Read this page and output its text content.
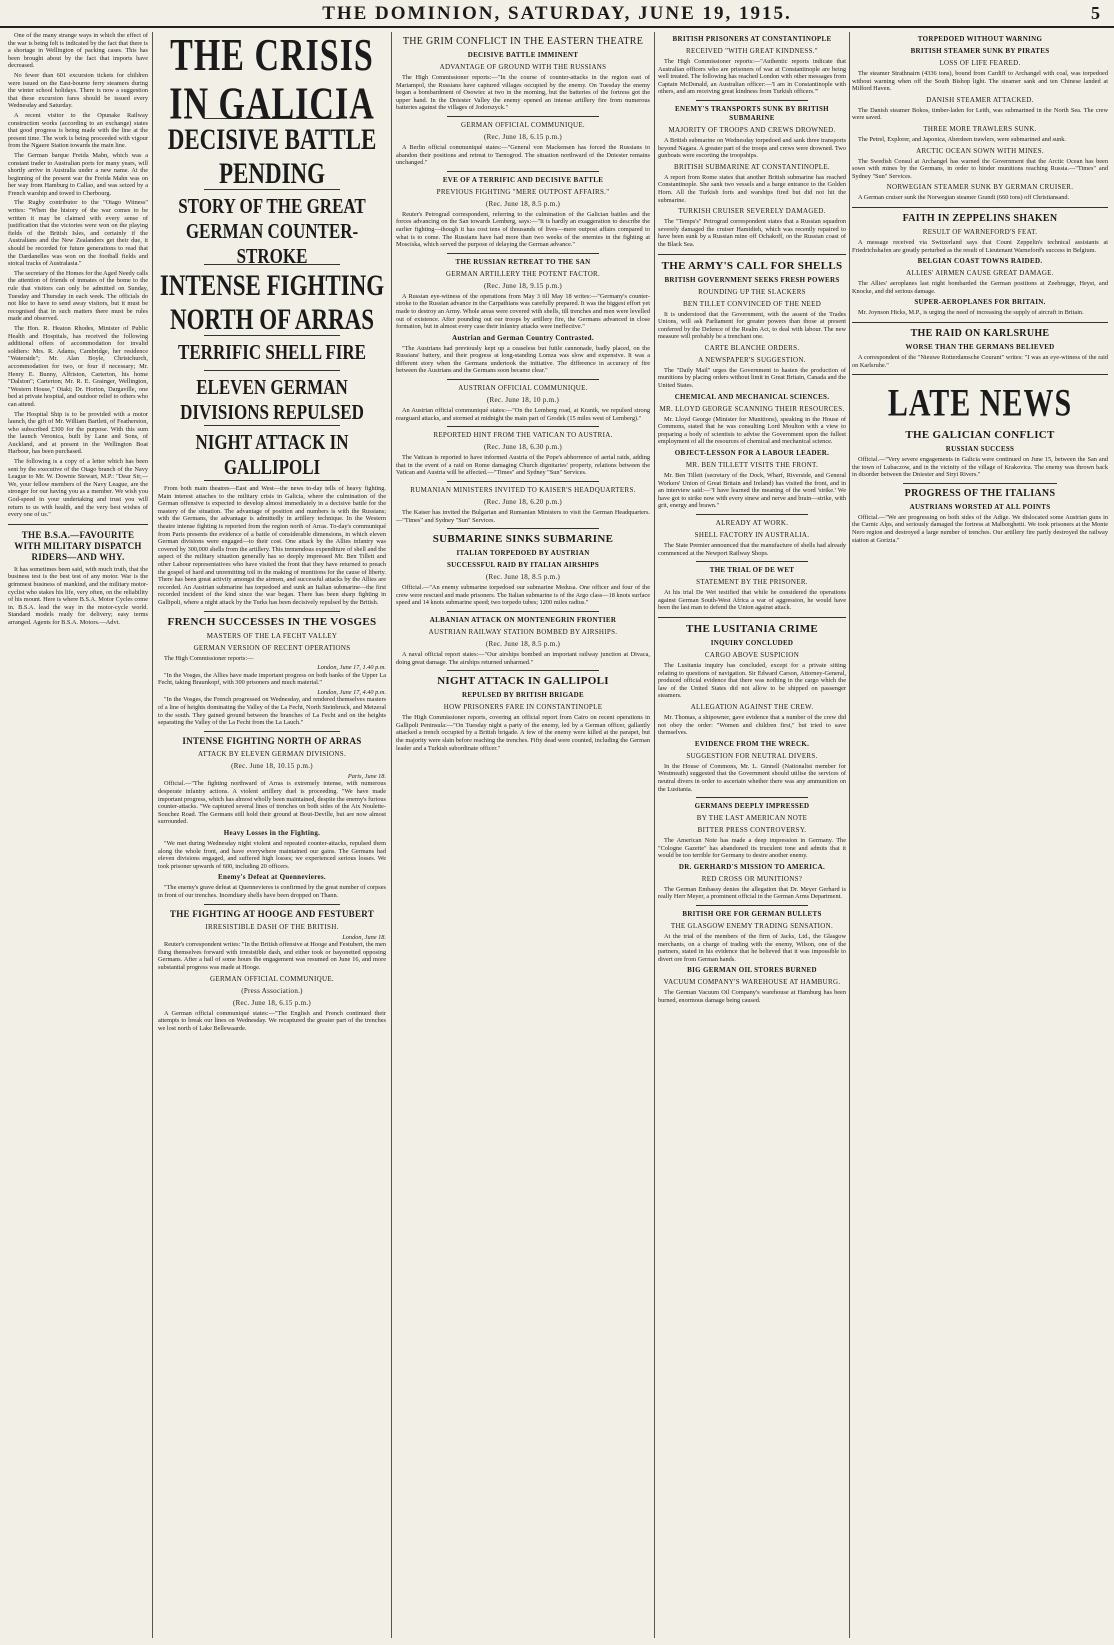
THE DOMINION, SATURDAY, JUNE 19, 1915.	5

One of the many strange ways in which the effect of the war is being felt is indicated by the fact that there is a shortage in Wellington of packing cases. This has been brought about by the fact that imports have decreased.

No fewer than 601 excursion tickets for children were issued on the East-bourne ferry steamers during the winter school holidays. There is now a suggestion that these excursion fares should be issued every Wednesday and Saturday.

A recent visitor to the Opunake Railway construction works (according to an exchange) states that good progress is being made with the line at the present time. The work is being proceeded with vigour from the Ngaere Station towards the main line.

The German barque Freida Mahn, which was a constant trader to Australian ports for many years, will shortly arrive in Australia under a new name. At the beginning of the present war the Freida Mahn was on her way from Hamburg to Callao, and was seized by a French warship and towed to Cherbourg.

The Rugby contributor to the "Otago Witness" writes: "When the history of the war comes to be written it may be claimed with every sense of justification that the victories were won on the playing fields of the British Isles, and certainly if the Australians and the New Zealanders get their due, it should be recorded for future generations to read that the Dardanelles was won on the football fields and stoical tracks of Australasia."

The secretary of the Homes for the Aged Needy calls the attention of friends of inmates of the home to the rule that visitors can only be admitted on Sunday, Tuesday and Thursday in each week. The officials do not like to have to send away visitors, but it must be recognised that in such matters there must be rules made and observed.

The Hon. R. Heaton Rhodes, Minister of Public Health and Hospitals, has received the following additional offers of accommodation for invalid soldiers: Mrs. R. Adams, Cambridge, her residence "Waterside"; Mr. Alan Boyle, Christchurch, accommodation for two, or four if necessary; Mr. Henry E. Bunny, Alfriston, Carterton, his home "Dalston"; Carterton; Mr. R. E. Grainger, Wellington, "Western House," Otaki; Dr. Horton, Dargaville, one bed at private hospital, and outdoor relief to others who can attend.

The Hospital Ship is to be provided with a motor launch, the gift of Mr. William Bartlett, of Featherston, who subscribed £300 for the purpose. With this sum the launch Veronica, built by Lane and Sons, of Auckland, and at present in the Wellington Boat Harbour, has been purchased.

The following is a copy of a letter which has been sent by the executive of the Otago branch of the Navy League to Mr. W. Downie Stewart, M.P.: "Dear Sir,—We, your fellow members of the Navy League, are the stronger for our having you as a member. We wish you God-speed in your undertaking and trust you will return to us with health, and the very best wishes of every one of us."

THE B.S.A.—FAVOURITE WITH MILITARY DISPATCH RIDERS—AND WHY.

It has sometimes been said, with much truth, that the business test is the best test of any motor. War is the grimmest business of mankind, and the military motor-cyclist who stakes his life, very often, on the reliability of his mount. Here is where B.S.A. Motor Cycles come in. B.S.A. lead the way in the motor-cycle world. Standard models ready for delivery; easy terms arranged. Agents for B.S.A. Motors.—Advt.

THE CRISIS IN GALICIA
DECISIVE BATTLE PENDING
STORY OF THE GREAT GERMAN COUNTER-STROKE
INTENSE FIGHTING NORTH OF ARRAS
TERRIFIC SHELL FIRE
ELEVEN GERMAN DIVISIONS REPULSED
NIGHT ATTACK IN GALLIPOLI

From both main theatres—East and West—the news to-day tells of heavy fighting. Main interest attaches to the military crisis in Galicia, where the culmination of the German offensive is expected to develop almost immediately in a decisive battle for the mastery of the situation. The advantage of position and numbers is with the Russians; with the Germans, the advantage is admittedly in artillery technique. In the Western theatre intense fighting is reported from the region north of Arras. To-day's communiqué from Paris presents the evidence of a battle of considerable dimensions, in which eleven German divisions were engaged—to their cost. One attack by the Allies infantry was covered by 300,000 shells from the artillery. This tremendous expenditure of shell and the aspect of the military situation generally has so deeply impressed Mr. Ben Tillett and other Labour representatives who have visited the front that they have returned to preach the gospel of hard and unremitting toil in the making of munitions for the cause of liberty. There has been great activity amongst the airmen, and successful attacks by the Allies are recorded. An Austrian submarine has torpedoed and sunk an Italian submarine—the first recorded incident of the kind since the war began. There has been sharp fighting in Gallipoli, where a night attack by the Turks has been decisively repulsed by the British.

FRENCH SUCCESSES IN THE VOSGES
MASTERS OF THE LA FECHT VALLEY
GERMAN VERSION OF RECENT OPERATIONS

The High Commissioner reports:—

London, June 17, 1.40 p.m.

"In the Vosges, the Allies have made important progress on both banks of the Upper La Fecht, taking Braunkopf, with 300 prisoners and much material."

London, June 17, 4.40 p.m.

"In the Vosges, the French progressed on Wednesday, and rendered themselves masters of a line of heights dominating the Valley of the La Fecht, North Steinbruck, and Metzeral to the south. They gained ground between the branches of La Fecht and on the heights separating the Valley of the La Fecht from the La Lauch."

INTENSE FIGHTING NORTH OF ARRAS
ATTACK BY ELEVEN GERMAN DIVISIONS.

(Rec. June 18, 10.15 p.m.)

Paris, June 18.

Official.—"The fighting northward of Arras is extremely intense, with numerous desperate infantry actions. A violent artillery duel is proceeding. "We have made important progress, which has almost wholly been maintained, despite the enemy's furious counter-attacks. "We captured several lines of trenches on both sides of the Aix Noulette-Souchez Road. The Germans still hold their ground at Bout-Deville, but are now almost surrounded.

Heavy Losses in the Fighting.

"We met during Wednesday night violent and repeated counter-attacks, repulsed them along the whole front, and have everywhere maintained our gains. The Germans had eleven divisions engaged, and suffered high losses; we experienced serious losses. We took prisoner upwards of 600, including 20 officers.

Enemy's Defeat at Quennevieres.

"The enemy's grave defeat at Quennevieres is confirmed by the great number of corpses in front of our trenches. Incendiary shells have been dropped on Thann.

THE FIGHTING AT HOOGE AND FESTUBERT
IRRESISTIBLE DASH OF THE BRITISH.

London, June 18.

Reuter's correspondent writes: "In the British offensive at Hooge and Festubert, the men flung themselves forward with irresistible dash, and either took or bayonetted opposing Germans. After a hail of some hours the engagement was resumed on June 16, and more substantial progress was made at Hooge.

GERMAN OFFICIAL COMMUNIQUE.
(Press Association.)

(Rec. June 18, 6.15 p.m.)

A German official communiqué states:—"The English and French continued their attempts to break our lines on Wednesday. We recaptured the greater part of the trenches we lost north of Lake Bellewaarde.

THE GRIM CONFLICT IN THE EASTERN THEATRE
DECISIVE BATTLE IMMINENT
ADVANTAGE OF GROUND WITH THE RUSSIANS

The High Commissioner reports:—"In the course of counter-attacks in the region east of Mariampol, the Russians have captured villages occupied by the enemy. On Tuesday the enemy began a bombardment of Osowiec at two in the morning, but the batteries of the fortress got the upper hand. In the Dniester Valley the enemy opened an intense artillery fire from numerous batteries against the villages of Jodorszyck."

GERMAN OFFICIAL COMMUNIQUE.

(Rec. June 18, 6.15 p.m.)

A Berlin official communiqué states:—"General von Mackensen has forced the Russians to abandon their positions and retreat to Tarnogrod. The situation northward of the Dniester remains unchanged."

EVE OF A TERRIFIC AND DECISIVE BATTLE
PREVIOUS FIGHTING "MERE OUTPOST AFFAIRS."

(Rec. June 18, 8.5 p.m.)

Reuter's Petrograd correspondent, referring to the culmination of the Galician battles and the forces advancing on the San towards Lemberg, says:—"It is hardly an exaggeration to describe the earlier fighting—though it has cost tens of thousands of lives—mere outpost affairs compared to what is to come. The Russians have had more than two weeks of the enemies in the fighting at Mosciska, which served the purpose of delaying the German advance."

THE RUSSIAN RETREAT TO THE SAN
GERMAN ARTILLERY THE POTENT FACTOR.

(Rec. June 18, 9.15 p.m.)

A Russian eye-witness of the operations from May 3 till May 18 writes:—"Germany's counter-stroke to the Russian advance in the Carpathians was carefully prepared. It was the biggest effort yet made to destroy an Army. Whole areas were covered with shells, till trenches and men were levelled out of existence. After pounding out our troops by artillery fire, the Germans advanced in close formation, but in almost every case their infantry attacks were ineffective."

Austrian and German Country Contrasted.

"The Austrians had previously kept up a ceaseless but futile cannonade, badly placed, on the Russians' battery, and their progress at long-standing Lomza was slow and expensive. It was a different story when the Germans undertook the initiative. The difference in accuracy of fire between the Austrians and the Germans soon became clear."

AUSTRIAN OFFICIAL COMMUNIQUE.

(Rec. June 18, 10 p.m.)

An Austrian official communiqué states:—"On the Lemberg road, at Kranik, we repulsed strong rearguard attacks, and stormed at midnight the main part of Grodek (15 miles west of Lemberg)."

REPORTED HINT FROM THE VATICAN TO AUSTRIA.

(Rec. June 18, 6.30 p.m.)

The Vatican is reported to have informed Austria of the Pope's abhorrence of aerial raids, adding that in the event of a raid on Rome damaging Church dignitaries' property, relations between the Vatican and Austria will be affected.—"Times" and Sydney "Sun" Services.

RUMANIAN MINISTERS INVITED TO KAISER'S HEADQUARTERS.

(Rec. June 18, 6.20 p.m.)

The Kaiser has invited the Bulgarian and Rumanian Ministers to visit the German Headquarters.—"Times" and Sydney "Sun" Services.

SUBMARINE SINKS SUBMARINE
ITALIAN TORPEDOED BY AUSTRIAN
SUCCESSFUL RAID BY ITALIAN AIRSHIPS

(Rec. June 18, 8.5 p.m.)

Official.—"An enemy submarine torpedoed our submarine Medusa. One officer and four of the crew were rescued and made prisoners. The Italian submarine is of the Argo class—18 knots surface speed and 14 knots submarine speed; two torpedo tubes; 1200 miles radius."

ALBANIAN ATTACK ON MONTENEGRIN FRONTIER
AUSTRIAN RAILWAY STATION BOMBED BY AIRSHIPS.

(Rec. June 18, 8.5 p.m.)

A naval official report states:—"Our airships bombed an important railway junction at Divaca, doing great damage. The airships returned unharmed."

NIGHT ATTACK IN GALLIPOLI
REPULSED BY BRITISH BRIGADE
HOW PRISONERS FARE IN CONSTANTINOPLE

The High Commissioner reports, covering an official report from Cairo on recent operations in Gallipoli Peninsula:—"On Tuesday night a party of the enemy, led by a German officer, gallantly attacked a trench occupied by a British brigade. A few of the enemy were killed at the parapet, but the majority were slain before reaching the trenches. Fifty dead were counted, including the German leader and a Turkish subordinate officer."

BRITISH PRISONERS AT CONSTANTINOPLE
RECEIVED "WITH GREAT KINDNESS."

The High Commissioner reports:—"Authentic reports indicate that Australian officers who are prisoners of war at Constantinople are being well treated. The following has reached London with other messages from Captain McDonald, an Australian officer:—'I am in Constantinople with others, and am receiving great kindness from Turkish officers.'"

ENEMY'S TRANSPORTS SUNK BY BRITISH SUBMARINE
MAJORITY OF TROOPS AND CREWS DROWNED.

A British submarine on Wednesday torpedoed and sank three transports beyond Nagara. A greater part of the troops and crews were drowned. Two gunboats were escorting the troopships.

BRITISH SUBMARINE AT CONSTANTINOPLE.

A report from Rome states that another British submarine has reached Constantinople. She sank two vessels and a barge entrance to the Golden Horn. All the Turkish forts and warships fired but did not hit the submarine.

TURKISH CRUISER SEVERELY DAMAGED.

The "Temps's" Petrograd correspondent states that a Russian squadron severely damaged the cruiser Hamidieh, which was recently repaired to have been sunk by a Russian mine off Ochakoff, on the Russian coast of the Black Sea.

THE ARMY'S CALL FOR SHELLS
BRITISH GOVERNMENT SEEKS FRESH POWERS
ROUNDING UP THE SLACKERS
BEN TILLET CONVINCED OF THE NEED

It is understood that the Government, with the assent of the Trades Unions, will ask Parliament for greater powers than those at present conferred by the Defence of the Realm Act, to deal with labour. The new measure will probably be a trenchant one.

CARTE BLANCHE ORDERS.
A NEWSPAPER'S SUGGESTION.

The "Daily Mail" urges the Government to hasten the production of munitions by placing orders without limit in Great Britain, Canada and the United States.

CHEMICAL AND MECHANICAL SCIENCES.
MR. LLOYD GEORGE SCANNING THEIR RESOURCES.

Mr. Lloyd George (Minister for Munitions), speaking in the House of Commons, stated that he was consulting Lord Moulton with a view to preparing a body of scientists to advise the Government upon the fullest employment of all the resources of chemical and mechanical science.

OBJECT-LESSON FOR A LABOUR LEADER.
MR. BEN TILLETT VISITS THE FRONT.

Mr. Ben Tillett (secretary of the Dock, Wharf, Riverside, and General Workers' Union of Great Britain and Ireland) has visited the front, and in an interview said:—"I have learned the meaning of the word 'strike.' We have got to strike now with every sinew and nerve and brain—strike, with grit, energy and brawn."

ALREADY AT WORK.
SHELL FACTORY IN AUSTRALIA.

The State Premier announced that the manufacture of shells had already commenced at the Newport Railway Shops.

THE TRIAL OF DE WET
STATEMENT BY THE PRISONER.

At his trial De Wet testified that while he considered the operations against German South-West Africa a war of aggression, he would have been the last man to defend the Union against attack.

THE LUSITANIA CRIME
INQUIRY CONCLUDED
CARGO ABOVE SUSPICION

The Lusitania inquiry has concluded, except for a private sitting relating to questions of navigation. Sir Edward Carson, Attorney-General, produced official evidence that there was nothing in the cargo which the law of the United States did not allow to be shipped on passenger steamers.

ALLEGATION AGAINST THE CREW.

Mr. Thomas, a shipowner, gave evidence that a number of the crew did not obey the order: "Women and children first," but tried to save themselves.

EVIDENCE FROM THE WRECK.
SUGGESTION FOR NEUTRAL DIVERS.

In the House of Commons, Mr. L. Ginnell (Nationalist member for Westmeath) suggested that the Government should utilise the services of neutral divers in order to ascertain whether there was any ammunition on the Lusitania.

GERMANS DEEPLY IMPRESSED
BY THE LAST AMERICAN NOTE
BITTER PRESS CONTROVERSY.

The American Note has made a deep impression in Germany. The "Cologne Gazette" has abandoned its truculent tone and admits that it would be too terrible for Germany to desire another enemy.

DR. GERHARD'S MISSION TO AMERICA.
RED CROSS OR MUNITIONS?

The German Embassy denies the allegation that Dr. Meyer Gerhard is really Herr Meyer, a prominent official in the German Arms Department.

BRITISH ORE FOR GERMAN BULLETS
THE GLASGOW ENEMY TRADING SENSATION.

At the trial of the members of the firm of Jacks, Ltd., the Glasgow merchants, on a charge of trading with the enemy, Wilson, one of the partners, stated in his evidence that he believed that it was impossible to divert ore from German hands.

BIG GERMAN OIL STORES BURNED
VACUUM COMPANY'S WAREHOUSE AT HAMBURG.

The German Vacuum Oil Company's warehouse at Hamburg has been burned, enormous damage being caused.

TORPEDOED WITHOUT WARNING
BRITISH STEAMER SUNK BY PIRATES
LOSS OF LIFE FEARED.

The steamer Strathnairn (4336 tons), bound from Cardiff to Archangel with coal, was torpedoed without warning when off the South Bishop light. The steamer sank and ten Chinese landed at Milford Haven.

DANISH STEAMER ATTACKED.

The Danish steamer Bokos, timber-laden for Leith, was submarined in the North Sea. The crew were saved.

THREE MORE TRAWLERS SUNK.

The Petrel, Explorer, and Japonica, Aberdeen trawlers, were submarined and sunk.

ARCTIC OCEAN SOWN WITH MINES.

The Swedish Consul at Archangel has warned the Government that the Arctic Ocean has been sown with mines by the Germans, in order to hinder munitions reaching Russia.—"Times" and Sydney "Sun" Services.

NORWEGIAN STEAMER SUNK BY GERMAN CRUISER.

A German cruiser sunk the Norwegian steamer Grandi (660 tons) off Christiansand.

FAITH IN ZEPPELINS SHAKEN
RESULT OF WARNEFORD'S FEAT.

A message received via Switzerland says that Count Zeppelin's technical assistants at Friedrichshafen are greatly perturbed as the result of Lieutenant Warneford's success in Belgium.

BELGIAN COAST TOWNS RAIDED.
ALLIES' AIRMEN CAUSE GREAT DAMAGE.

The Allies' aeroplanes last night bombarded the German positions at Zeebrugge, Heyst, and Knocke, and did serious damage.

SUPER-AEROPLANES FOR BRITAIN.

Mr. Joynson Hicks, M.P., is urging the need of increasing the supply of aircraft in Britain.

THE RAID ON KARLSRUHE
WORSE THAN THE GERMANS BELIEVED

A correspondent of the "Nieuwe Rotterdamsche Courant" writes: "I was an eye-witness of the raid on Karlsruhe."

LATE NEWS
THE GALICIAN CONFLICT
RUSSIAN SUCCESS

Official.—"Very severe engagements in Galicia were continued on June 15, between the San and the town of Lubaczow, and in the vicinity of the village of Krakovica. The enemy was thrown back in disorder between the Dniester and Stryi Rivers."

PROGRESS OF THE ITALIANS
AUSTRIANS WORSTED AT ALL POINTS

Official.—"We are progressing on both sides of the Adige. We dislocated some Austrian guns in the Carnic Alps, and seriously damaged the fortress at Malborghetti. We took prisoners at the Monte Nero region and destroyed a large number of trenches. Our artillery fire partly destroyed the railway station at Gorizia."
